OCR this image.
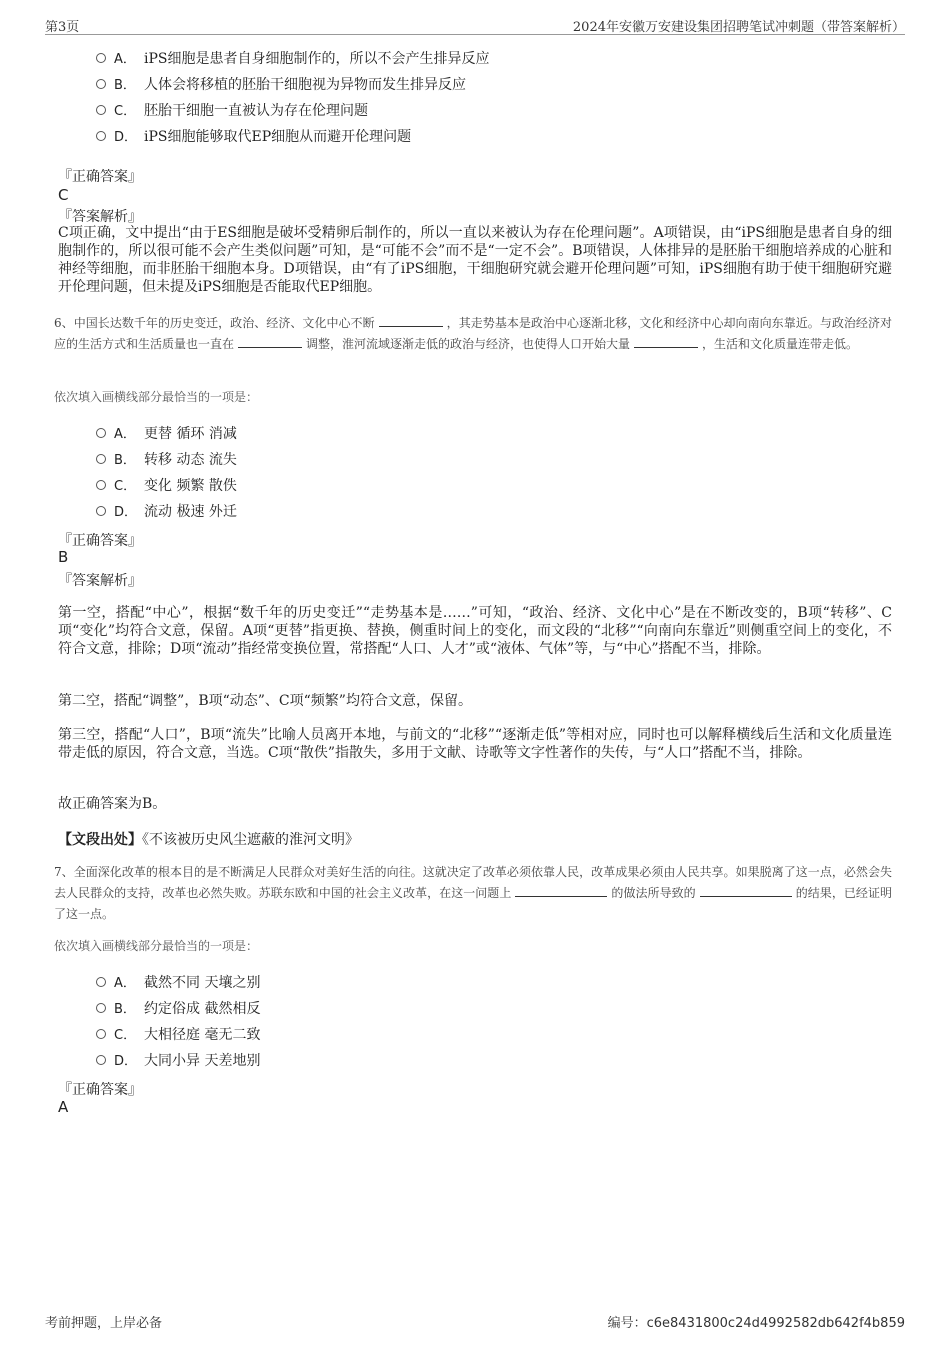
第3页	2024年安徽万安建设集团招聘笔试冲刺题（带答案解析）
A． iPS细胞是患者自身细胞制作的，所以不会产生排异反应
B． 人体会将移植的胚胎干细胞视为异物而发生排异反应
C． 胚胎干细胞一直被认为存在伦理问题
D． iPS细胞能够取代EP细胞从而避开伦理问题
『正确答案』
C
『答案解析』
C项正确，文中提出“由于ES细胞是破坏受精卵后制作的，所以一直以来被认为存在伦理问题”。A项错误，由“iPS细胞是患者自身的细胞制作的，所以很可能不会产生类似问题”可知，是“可能不会”而不是“一定不会”。B项错误，人体排异的是胚胎干细胞培养成的心脏和神经等细胞，而非胚胎干细胞本身。D项错误，由“有了iPS细胞，干细胞研究就会避开伦理问题”可知，iPS细胞有助于使干细胞研究避开伦理问题，但未提及iPS细胞是否能取代EP细胞。
6、中国长达数千年的历史变迁，政治、经济、文化中心不断	，其走势基本是政治中心逐渐北移，文化和经济中心却向南向东靠近。与政治经济对应的生活方式和生活质量也一直在	调整，淮河流域逐渐走低的政治与经济，也使得人口开始大量	，生活和文化质量连带走低。
依次填入画横线部分最恰当的一项是：
A． 更替 循环 消减
B． 转移 动态 流失
C． 变化 频繁 散佚
D． 流动 极速 外迁
『正确答案』
B
『答案解析』
第一空，搭配“中心”，根据“数千年的历史变迁”“走势基本是……”可知，“政治、经济、文化中心”是在不断改变的，B项“转移”、C项“变化”均符合文意，保留。A项“更替”指更换、替换，侧重时间上的变化，而文段的“北移”“向南向东靠近”则侧重空间上的变化，不符合文意，排除；D项“流动”指经常变换位置，常搭配“人口、人才”或“液体、气体”等，与“中心”搭配不当，排除。
第二空，搭配“调整”，B项“动态”、C项“频繁”均符合文意，保留。
第三空，搭配“人口”，B项“流失”比喻人员离开本地，与前文的“北移”“逐渐走低”等相对应，同时也可以解释横线后生活和文化质量连带走低的原因，符合文意，当选。C项“散佚”指散失，多用于文献、诗歌等文字性著作的失传，与“人口”搭配不当，排除。
故正确答案为B。
【文段出处】《不该被历史风尘遮蔽的淮河文明》
7、全面深化改革的根本目的是不断满足人民群众对美好生活的向往。这就决定了改革必须依靠人民，改革成果必须由人民共享。如果脱离了这一点，必然会失去人民群众的支持，改革也必然失败。苏联东欧和中国的社会主义改革，在这一问题上	的做法所导致的	的结果，已经证明了这一点。
依次填入画横线部分最恰当的一项是：
A． 截然不同 天壤之别
B． 约定俗成 截然相反
C． 大相径庭 毫无二致
D． 大同小异 天差地别
『正确答案』
A
考前押题，上岸必备	编号：c6e8431800c24d4992582db642f4b859
